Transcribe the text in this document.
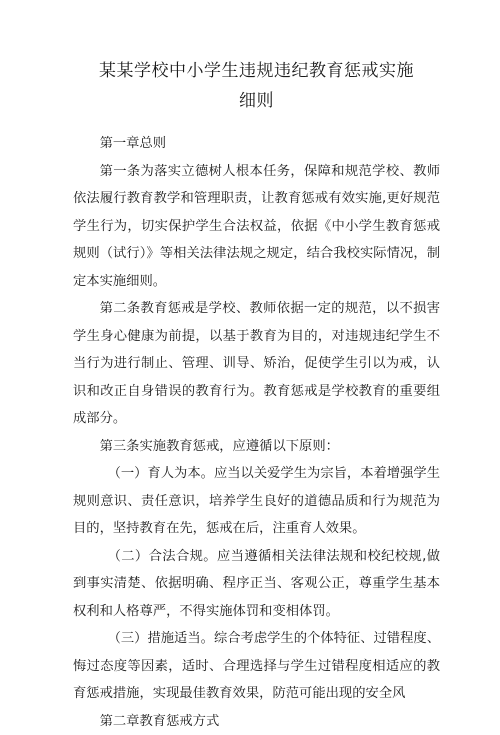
某某学校中小学生违规违纪教育惩戒实施
细则

第一章总则

第一条为落实立德树人根本任务，保障和规范学校、教师依法履行教育教学和管理职责，让教育惩戒有效实施,更好规范学生行为，切实保护学生合法权益，依据《中小学生教育惩戒规则（试行）》等相关法律法规之规定，结合我校实际情况，制定本实施细则。

第二条教育惩戒是学校、教师依据一定的规范，以不损害学生身心健康为前提，以基于教育为目的，对违规违纪学生不当行为进行制止、管理、训导、矫治，促使学生引以为戒，认识和改正自身错误的教育行为。教育惩戒是学校教育的重要组成部分。

第三条实施教育惩戒，应遵循以下原则：

（一）育人为本。应当以关爱学生为宗旨，本着增强学生规则意识、责任意识，培养学生良好的道德品质和行为规范为目的，坚持教育在先，惩戒在后，注重育人效果。

（二）合法合规。应当遵循相关法律法规和校纪校规,做到事实清楚、依据明确、程序正当、客观公正，尊重学生基本权利和人格尊严，不得实施体罚和变相体罚。

（三）措施适当。综合考虑学生的个体特征、过错程度、悔过态度等因素，适时、合理选择与学生过错程度相适应的教育惩戒措施，实现最佳教育效果，防范可能出现的安全风

第二章教育惩戒方式
